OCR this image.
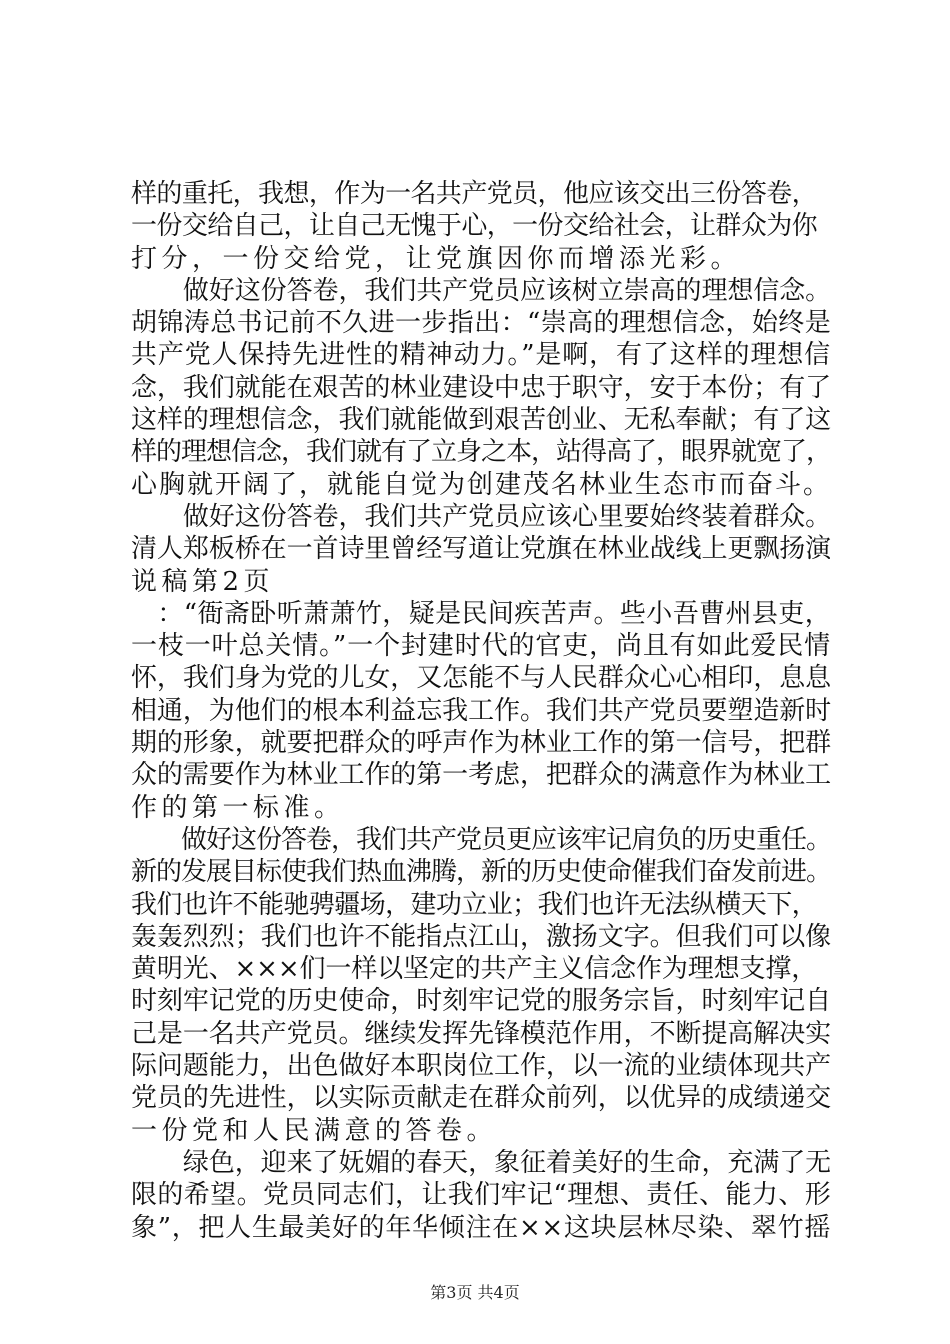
样的重托，我想，作为一名共产党员，他应该交出三份答卷，
一份交给自己，让自己无愧于心，一份交给社会，让群众为你
打分，一份交给党，让党旗因你而增添光彩。
　　做好这份答卷，我们共产党员应该树立崇高的理想信念。
胡锦涛总书记前不久进一步指出：“崇高的理想信念，始终是
共产党人保持先进性的精神动力。”是啊，有了这样的理想信
念，我们就能在艰苦的林业建设中忠于职守，安于本份；有了
这样的理想信念，我们就能做到艰苦创业、无私奉献；有了这
样的理想信念，我们就有了立身之本，站得高了，眼界就宽了，
心胸就开阔了，就能自觉为创建茂名林业生态市而奋斗。
　　做好这份答卷，我们共产党员应该心里要始终装着群众。
清人郑板桥在一首诗里曾经写道让党旗在林业战线上更飘扬演
说稿第2页
　：“衙斋卧听萧萧竹，疑是民间疾苦声。些小吾曹州县吏，
一枝一叶总关情。”一个封建时代的官吏，尚且有如此爱民情
怀，我们身为党的儿女，又怎能不与人民群众心心相印，息息
相通，为他们的根本利益忘我工作。我们共产党员要塑造新时
期的形象，就要把群众的呼声作为林业工作的第一信号，把群
众的需要作为林业工作的第一考虑，把群众的满意作为林业工
作的第一标准。
　　做好这份答卷，我们共产党员更应该牢记肩负的历史重任。
新的发展目标使我们热血沸腾，新的历史使命催我们奋发前进。
我们也许不能驰骋疆场，建功立业；我们也许无法纵横天下，
轰轰烈烈；我们也许不能指点江山，激扬文字。但我们可以像
黄明光、×××们一样以坚定的共产主义信念作为理想支撑，
时刻牢记党的历史使命，时刻牢记党的服务宗旨，时刻牢记自
己是一名共产党员。继续发挥先锋模范作用，不断提高解决实
际问题能力，出色做好本职岗位工作，以一流的业绩体现共产
党员的先进性，以实际贡献走在群众前列，以优异的成绩递交
一份党和人民满意的答卷。
　　绿色，迎来了妩媚的春天，象征着美好的生命，充满了无
限的希望。党员同志们，让我们牢记“理想、责任、能力、形
象”，把人生最美好的年华倾注在××这块层林尽染、翠竹摇
第3页 共4页
